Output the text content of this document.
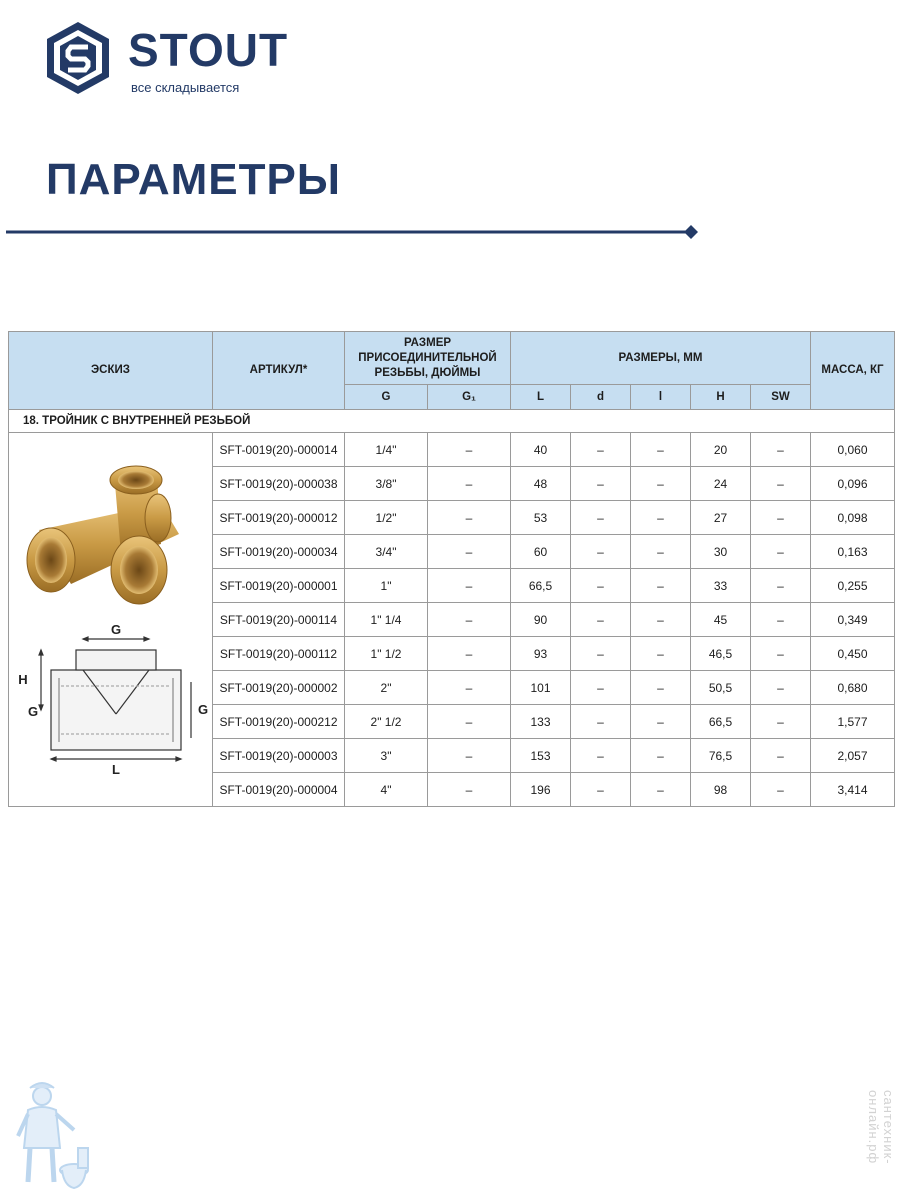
STOUT
все складывается
ПАРАМЕТРЫ
ЭСКИЗ	АРТИКУЛ*	РАЗМЕР ПРИСОЕДИНИТЕЛЬНОЙ РЕЗЬБЫ, ДЮЙМЫ		РАЗМЕРЫ, ММ					МАССА, КГ
		G	G₁	L	d	l	H	SW	
18. ТРОЙНИК С ВНУТРЕННЕЙ РЕЗЬБОЙ									

G
H
G G
L	SFT-0019(20)-000014	1/4"	–	40	–	–	20	–	0,060
	SFT-0019(20)-000038	3/8"	–	48	–	–	24	–	0,096
	SFT-0019(20)-000012	1/2"	–	53	–	–	27	–	0,098
	SFT-0019(20)-000034	3/4"	–	60	–	–	30	–	0,163
	SFT-0019(20)-000001	1"	–	66,5	–	–	33	–	0,255
	SFT-0019(20)-000114	1" 1/4	–	90	–	–	45	–	0,349
	SFT-0019(20)-000112	1" 1/2	–	93	–	–	46,5	–	0,450
	SFT-0019(20)-000002	2"	–	101	–	–	50,5	–	0,680
	SFT-0019(20)-000212	2" 1/2	–	133	–	–	66,5	–	1,577
	SFT-0019(20)-000003	3"	–	153	–	–	76,5	–	2,057
	SFT-0019(20)-000004	4"	–	196	–	–	98	–	3,414
сантехник-онлайн.рф
